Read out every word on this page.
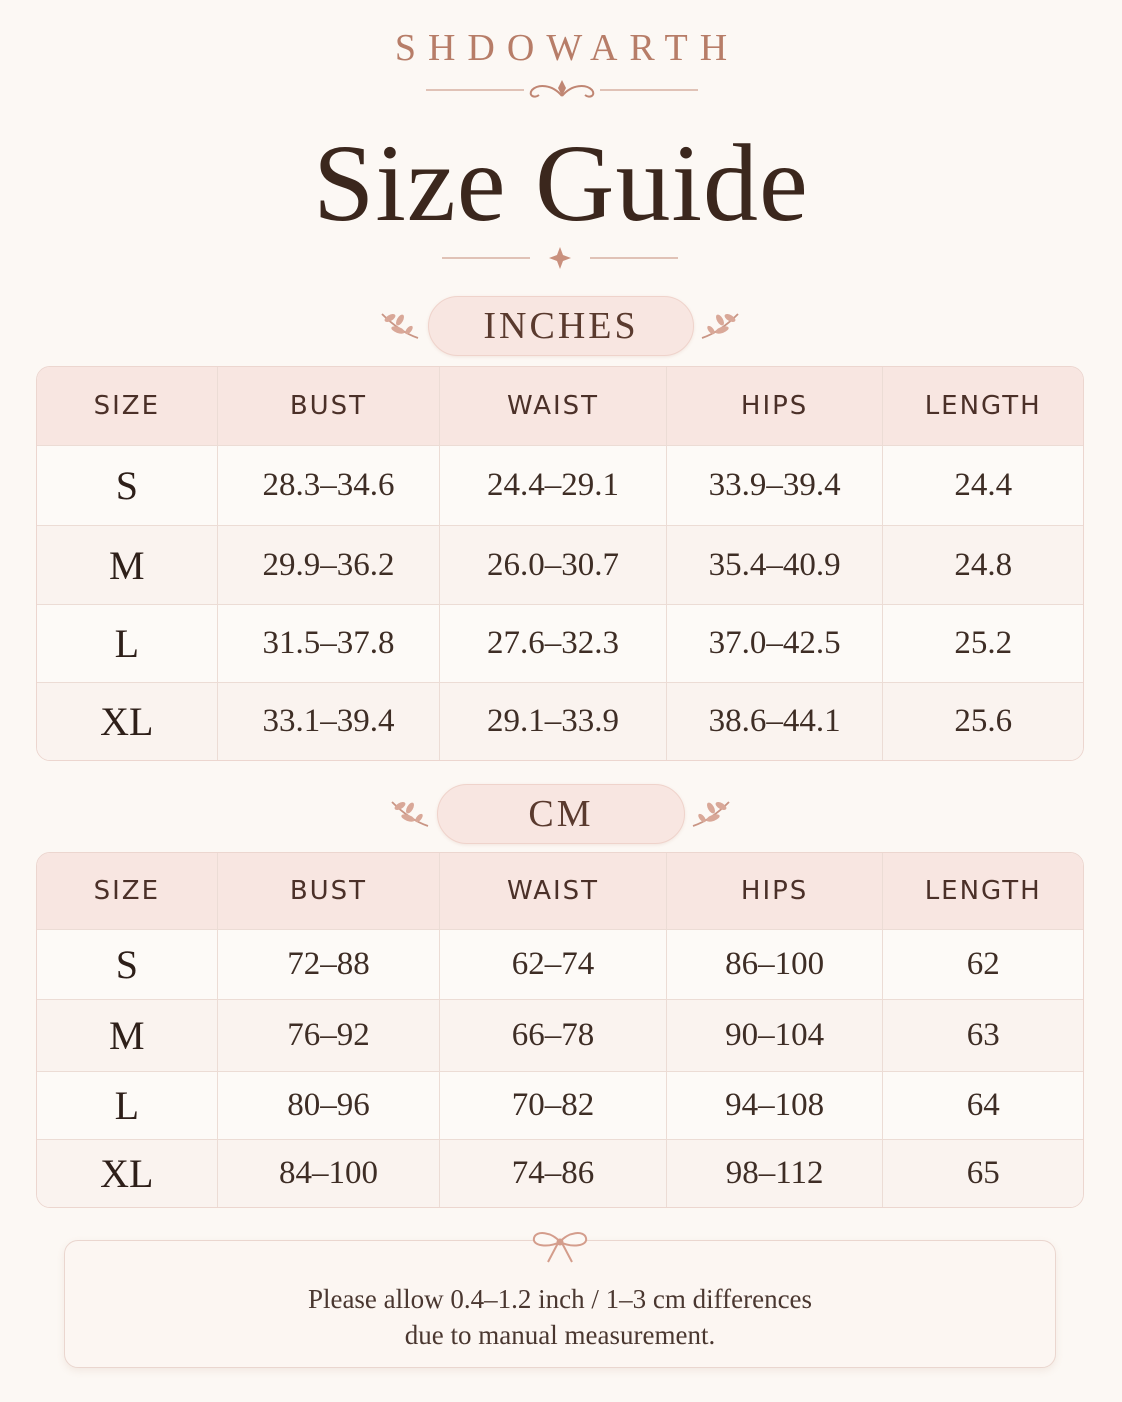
SHDOWARTH
Size Guide
INCHES
SIZE	BUST	WAIST	HIPS	LENGTH
S	28.3–34.6	24.4–29.1	33.9–39.4	24.4
M	29.9–36.2	26.0–30.7	35.4–40.9	24.8
L	31.5–37.8	27.6–32.3	37.0–42.5	25.2
XL	33.1–39.4	29.1–33.9	38.6–44.1	25.6
CM
SIZE	BUST	WAIST	HIPS	LENGTH
S	72–88	62–74	86–100	62
M	76–92	66–78	90–104	63
L	80–96	70–82	94–108	64
XL	84–100	74–86	98–112	65
Please allow 0.4–1.2 inch / 1–3 cm differences
due to manual measurement.
